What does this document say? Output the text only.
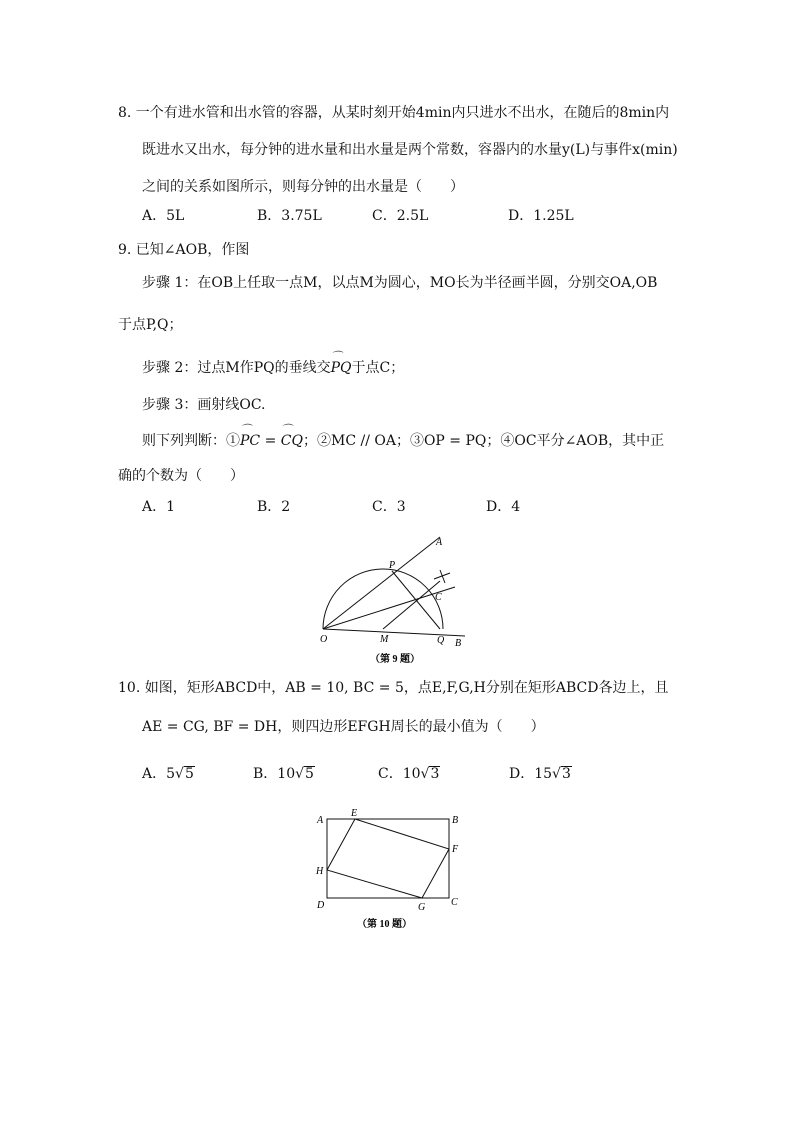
8. 一个有进水管和出水管的容器，从某时刻开始4min内只进水不出水，在随后的8min内
既进水又出水，每分钟的进水量和出水量是两个常数，容器内的水量y(L)与事件x(min)
之间的关系如图所示，则每分钟的出水量是（　　）
A．5L	B．3.75L	C．2.5L	D．1.25L
9. 已知∠AOB，作图
步骤 1：在OB上任取一点M，以点M为圆心，MO长为半径画半圆，分别交OA,OB
于点P,Q；
步骤 2：过点M作PQ的垂线交⌒ PQ于点C；
步骤 3：画射线OC.
则下列判断：①⌒ PC = ⌒ CQ；②MC // OA；③OP = PQ；④OC平分∠AOB，其中正
确的个数为（　　）
A．1	B．2	C．3	D．4
A
P
C
O	M	Q B
（第 9 题）
10. 如图，矩形ABCD中，AB = 10, BC = 5，点E,F,G,H分别在矩形ABCD各边上，且
AE = CG, BF = DH，则四边形EFGH周长的最小值为（　　）
A．5√5	B．10√5	C．10√3	D．15√3
A
E
B
F
H
D	G	C
（第 10 题）
